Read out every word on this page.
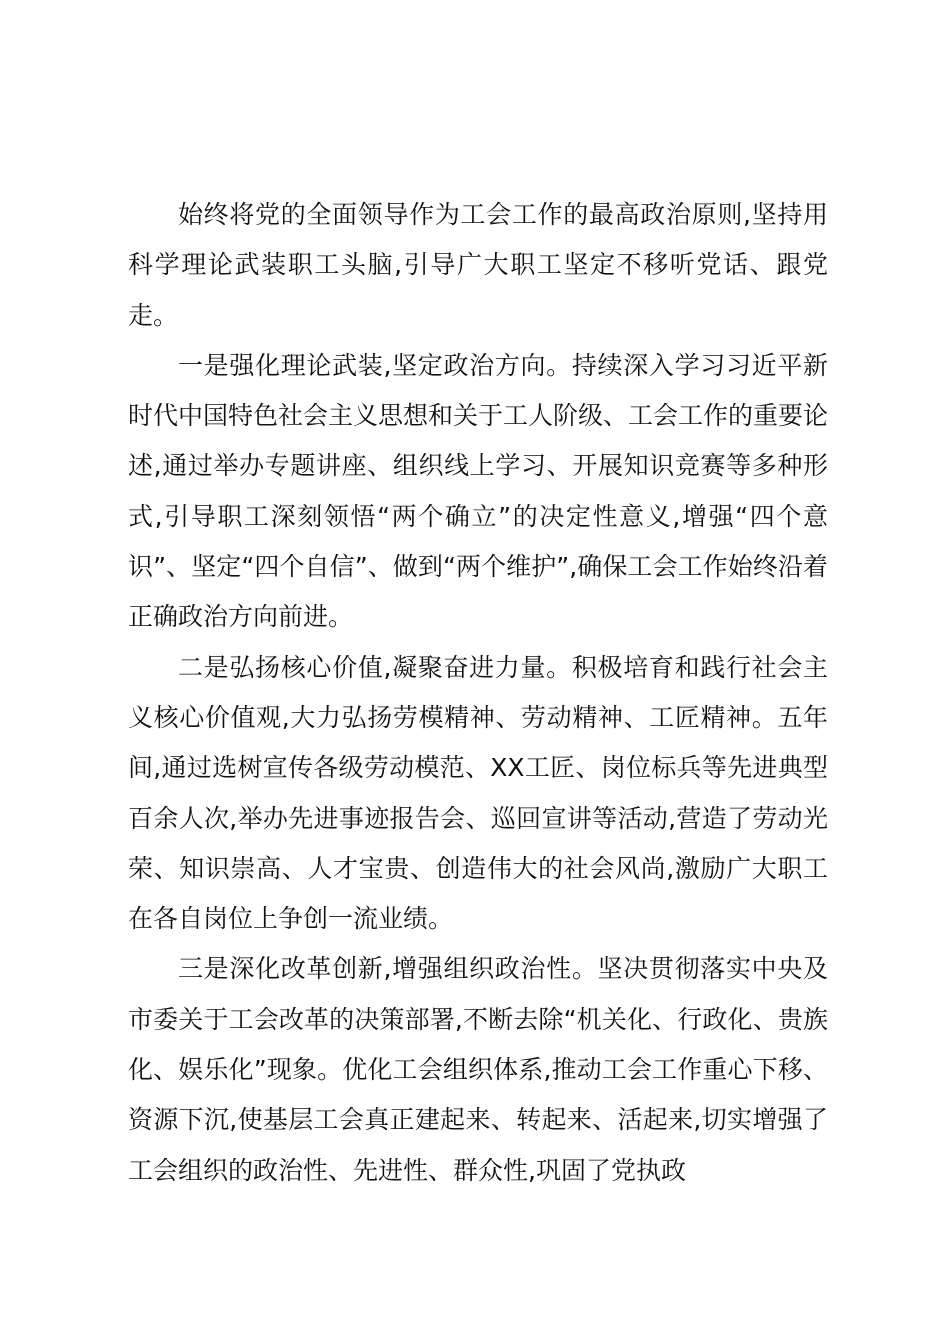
始终将党的全面领导作为工会工作的最高政治原则,坚持用科学理论武装职工头脑,引导广大职工坚定不移听党话、跟党走。

一是强化理论武装,坚定政治方向。持续深入学习习近平新时代中国特色社会主义思想和关于工人阶级、工会工作的重要论述,通过举办专题讲座、组织线上学习、开展知识竞赛等多种形式,引导职工深刻领悟“两个确立”的决定性意义,增强“四个意识”、坚定“四个自信”、做到“两个维护”,确保工会工作始终沿着正确政治方向前进。

二是弘扬核心价值,凝聚奋进力量。积极培育和践行社会主义核心价值观,大力弘扬劳模精神、劳动精神、工匠精神。五年间,通过选树宣传各级劳动模范、XX工匠、岗位标兵等先进典型百余人次,举办先进事迹报告会、巡回宣讲等活动,营造了劳动光荣、知识崇高、人才宝贵、创造伟大的社会风尚,激励广大职工在各自岗位上争创一流业绩。

三是深化改革创新,增强组织政治性。坚决贯彻落实中央及市委关于工会改革的决策部署,不断去除“机关化、行政化、贵族化、娱乐化”现象。优化工会组织体系,推动工会工作重心下移、资源下沉,使基层工会真正建起来、转起来、活起来,切实增强了工会组织的政治性、先进性、群众性,巩固了党执政
